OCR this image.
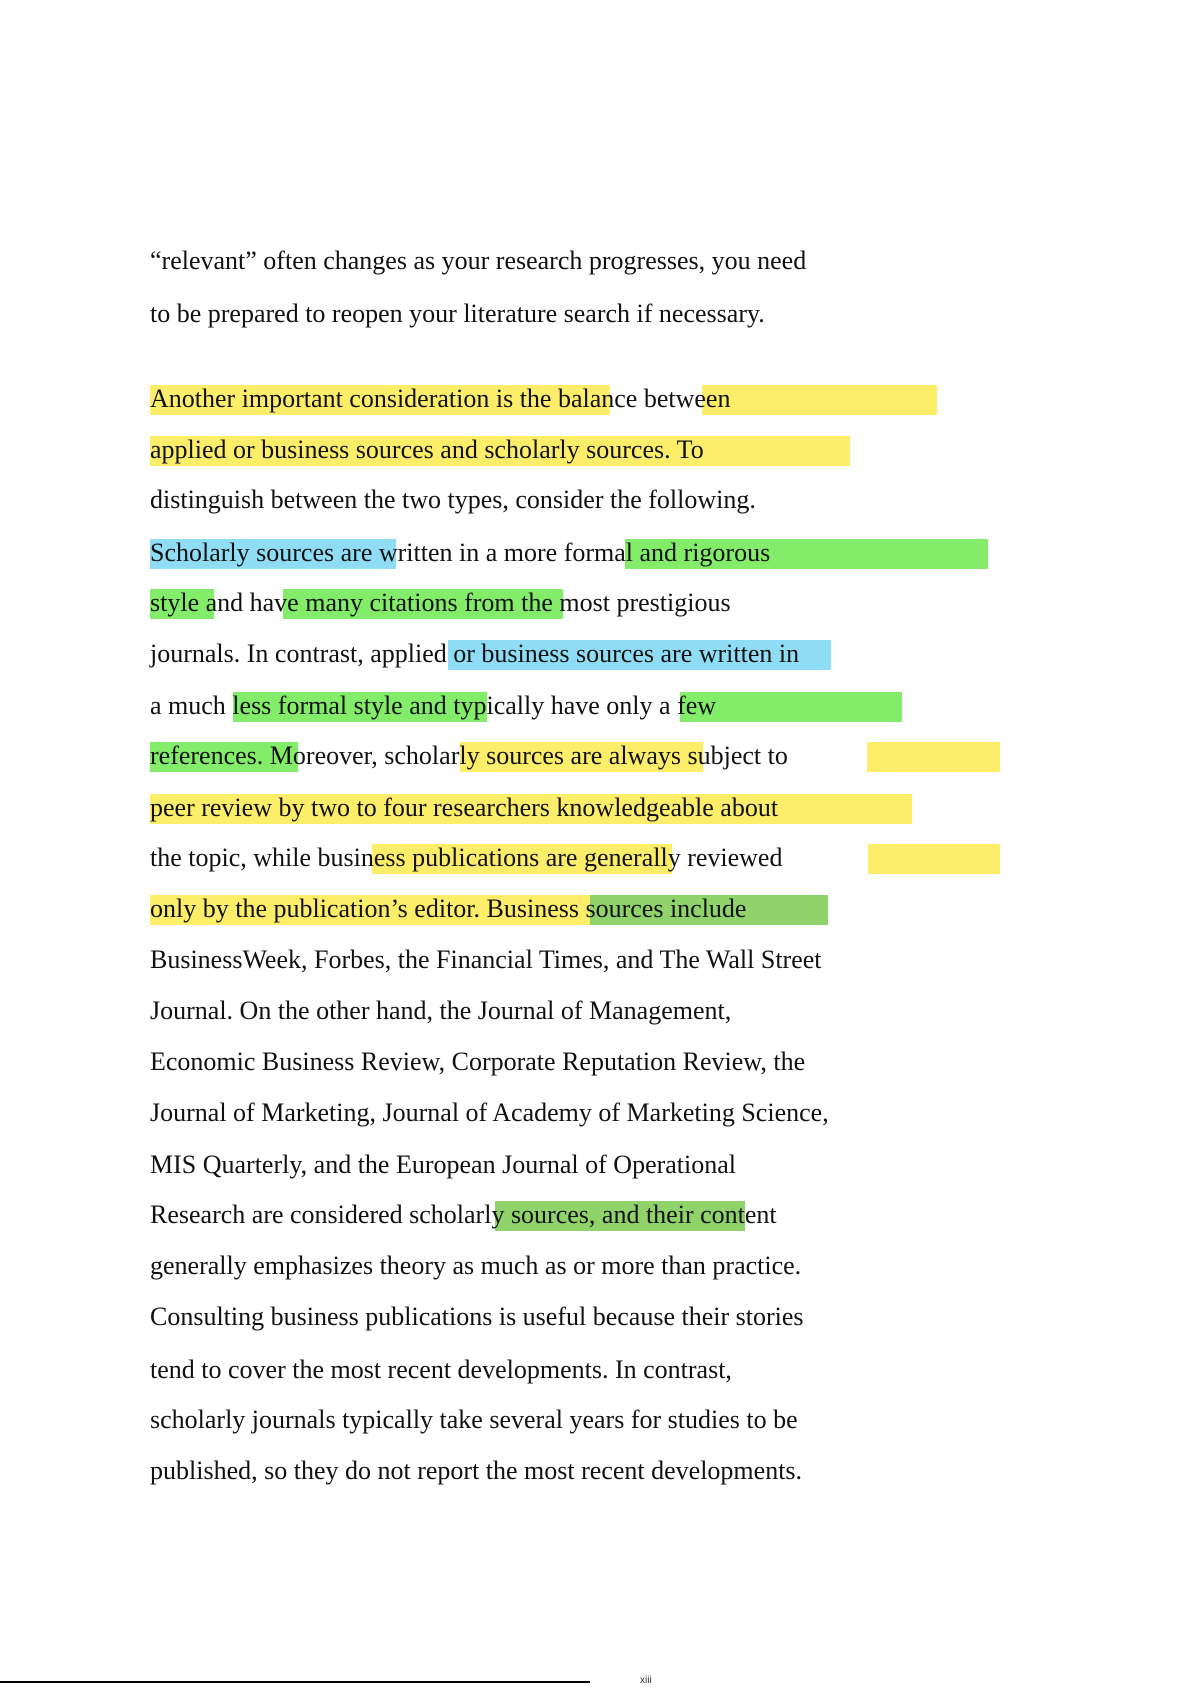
“relevant” often changes as your research progresses, you need
to be prepared to reopen your literature search if necessary.
Another important consideration is the balance between
applied or business sources and scholarly sources. To
distinguish between the two types, consider the following.
Scholarly sources are written in a more formal and rigorous
style and have many citations from the most prestigious
journals. In contrast, applied or business sources are written in
a much less formal style and typically have only a few
references. Moreover, scholarly sources are always subject to
peer review by two to four researchers knowledgeable about
the topic, while business publications are generally reviewed
only by the publication’s editor. Business sources include
BusinessWeek, Forbes, the Financial Times, and The Wall Street
Journal. On the other hand, the Journal of Management,
Economic Business Review, Corporate Reputation Review, the
Journal of Marketing, Journal of Academy of Marketing Science,
MIS Quarterly, and the European Journal of Operational
Research are considered scholarly sources, and their content
generally emphasizes theory as much as or more than practice.
Consulting business publications is useful because their stories
tend to cover the most recent developments. In contrast,
scholarly journals typically take several years for studies to be
published, so they do not report the most recent developments.
xiii
